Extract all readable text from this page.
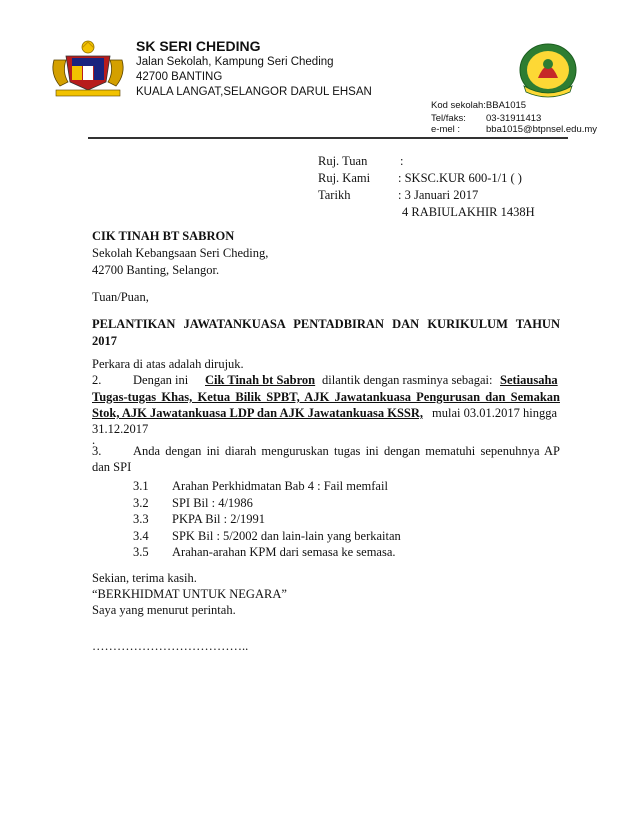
SK SERI CHEDING
Jalan Sekolah, Kampung Seri Cheding
42700 BANTING
KUALA LANGAT,SELANGOR DARUL EHSAN
Kod sekolah:BBA1015
Tel/faks: 03-31911413
e-mel :	bba1015@btpnsel.edu.my
Ruj. Tuan	:
Ruj. Kami : SKSC.KUR 600-1/1 ( )
Tarikh	: 3 Januari 2017
4 RABIULAKHIR 1438H
CIK TINAH BT SABRON
Sekolah Kebangsaan Seri Cheding,
42700 Banting, Selangor.
Tuan/Puan,
PELANTIKAN JAWATANKUASA PENTADBIRAN DAN KURIKULUM TAHUN
2017
Perkara di atas adalah dirujuk.
2.	Dengan ini Cik Tinah bt Sabron dilantik dengan rasminya sebagai: Setiausaha
Tugas-tugas Khas, Ketua Bilik SPBT, AJK Jawatankuasa Pengurusan dan Semakan
Stok, AJK Jawatankuasa LDP dan AJK Jawatankuasa KSSR, mulai 03.01.2017 hingga
31.12.2017
.
3.	Anda dengan ini diarah menguruskan tugas ini dengan mematuhi sepenuhnya AP
dan SPI
3.1 Arahan Perkhidmatan Bab 4 : Fail memfail
3.2 SPI Bil : 4/1986
3.3 PKPA Bil : 2/1991
3.4 SPK Bil : 5/2002 dan lain-lain yang berkaitan
3.5 Arahan-arahan KPM dari semasa ke semasa.
Sekian, terima kasih.
“BERKHIDMAT UNTUK NEGARA”
Saya yang menurut perintah.
………………………………..
